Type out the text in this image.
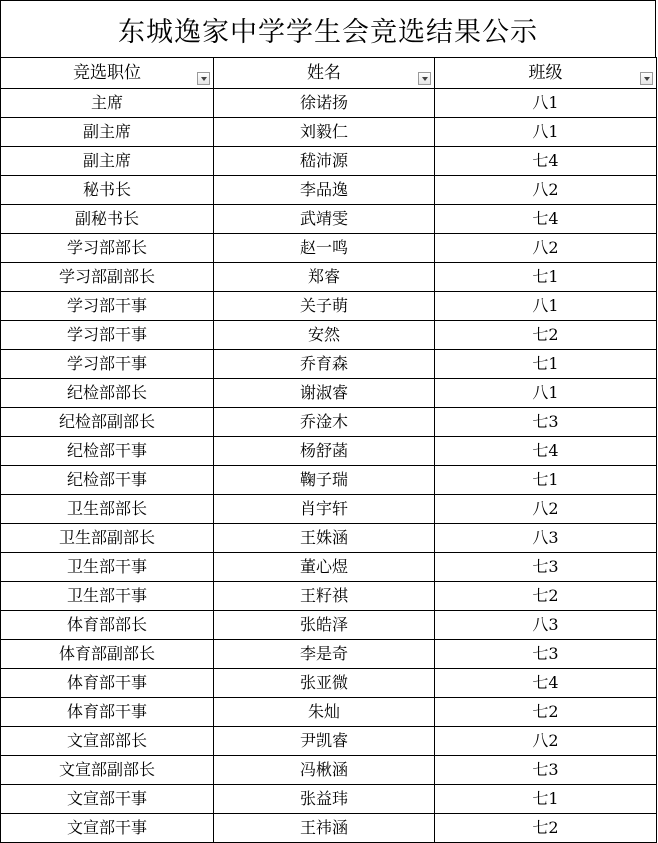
东城逸家中学学生会竞选结果公示
竞选职位	姓名	班级

主席	徐诺扬	八1
副主席	刘毅仁	八1
副主席	嵇沛源	七4
秘书长	李品逸	八2
副秘书长	武靖雯	七4
学习部部长	赵一鸣	八2
学习部副部长	郑睿	七1
学习部干事	关子萌	八1
学习部干事	安然	七2
学习部干事	乔育森	七1
纪检部部长	谢淑睿	八1
纪检部副部长	乔淦木	七3
纪检部干事	杨舒菡	七4
纪检部干事	鞠子瑞	七1
卫生部部长	肖宇轩	八2
卫生部副部长	王姝涵	八3
卫生部干事	董心煜	七3
卫生部干事	王籽祺	七2
体育部部长	张皓泽	八3
体育部副部长	李是奇	七3
体育部干事	张亚微	七4
体育部干事	朱灿	七2
文宣部部长	尹凯睿	八2
文宣部副部长	冯楸涵	七3
文宣部干事	张益玮	七1
文宣部干事	王祎涵	七2
